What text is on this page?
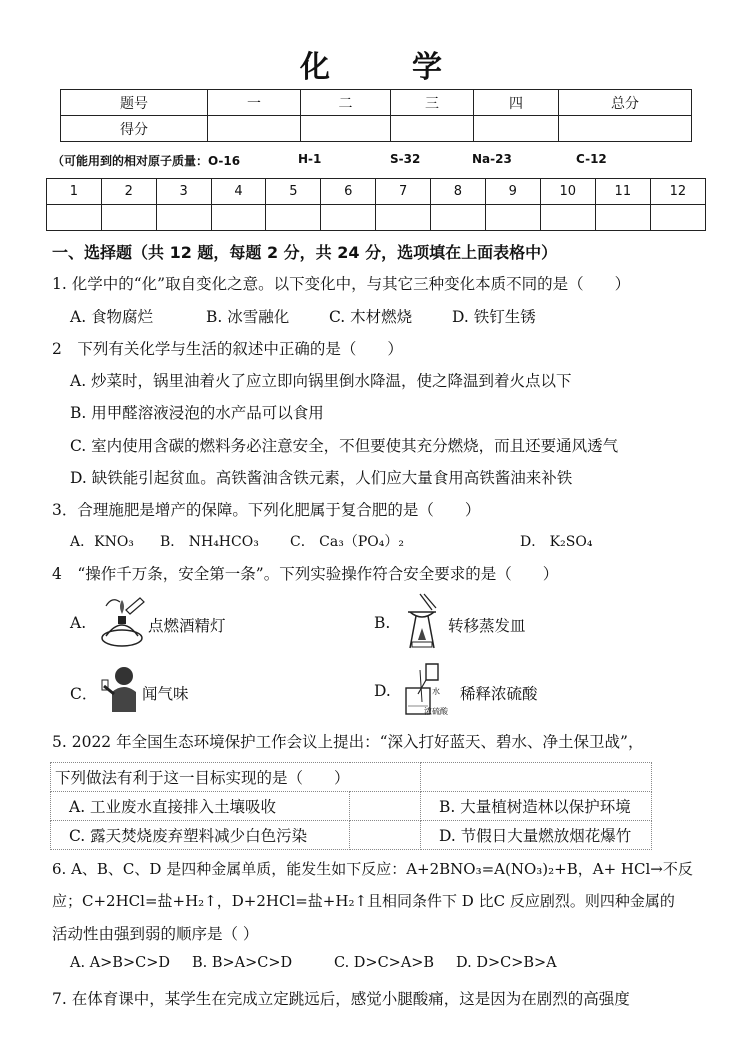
化	学
题号	一	二	三	四	总分
得分					
（可能用到的相对原子质量：O-16	H-1	S-32	Na-23	C-12
1	2	3	4	5	6	7	8	9	10	11	12

一、选择题（共 12 题，每题 2 分，共 24 分，选项填在上面表格中）
1. 化学中的“化”取自变化之意。以下变化中，与其它三种变化本质不同的是（　　）
A. 食物腐烂	B. 冰雪融化	C. 木材燃烧	D. 铁钉生锈
2　下列有关化学与生活的叙述中正确的是（　　）
A. 炒菜时，锅里油着火了应立即向锅里倒水降温，使之降温到着火点以下
B. 用甲醛溶液浸泡的水产品可以食用
C. 室内使用含碳的燃料务必注意安全，不但要使其充分燃烧，而且还要通风透气
D. 缺铁能引起贫血。高铁酱油含铁元素，人们应大量食用高铁酱油来补铁
3．合理施肥是增产的保障。下列化肥属于复合肥的是（　　）
A．KNO₃ B． NH₄HCO₃ C． Ca₃（PO₄）₂	D． K₂SO₄
4　“操作千万条，安全第一条”。下列实验操作符合安全要求的是（　　）
A.	点燃酒精灯	B.	转移蒸发皿
C．	闻气味	D.	水
浓硫酸
稀释浓硫酸
5. 2022 年全国生态环境保护工作会议上提出：“深入打好蓝天、碧水、净土保卫战”，
下列做法有利于这一目标实现的是（　　）		
A. 工业废水直接排入土壤吸收		B. 大量植树造林以保护环境
C. 露天焚烧废弃塑料减少白色污染		D. 节假日大量燃放烟花爆竹
6. A、B、C、D 是四种金属单质，能发生如下反应：A+2BNO₃=A(NO₃)₂+B，A+ HCl→不反
应；C+2HCl=盐+H₂↑，D+2HCl=盐+H₂↑且相同条件下 D 比C 反应剧烈。则四种金属的
活动性由强到弱的顺序是（ ）
A. A>B>C>D B. B>A>C>D	C. D>C>A>B D. D>C>B>A
7. 在体育课中，某学生在完成立定跳远后，感觉小腿酸痛，这是因为在剧烈的高强度
